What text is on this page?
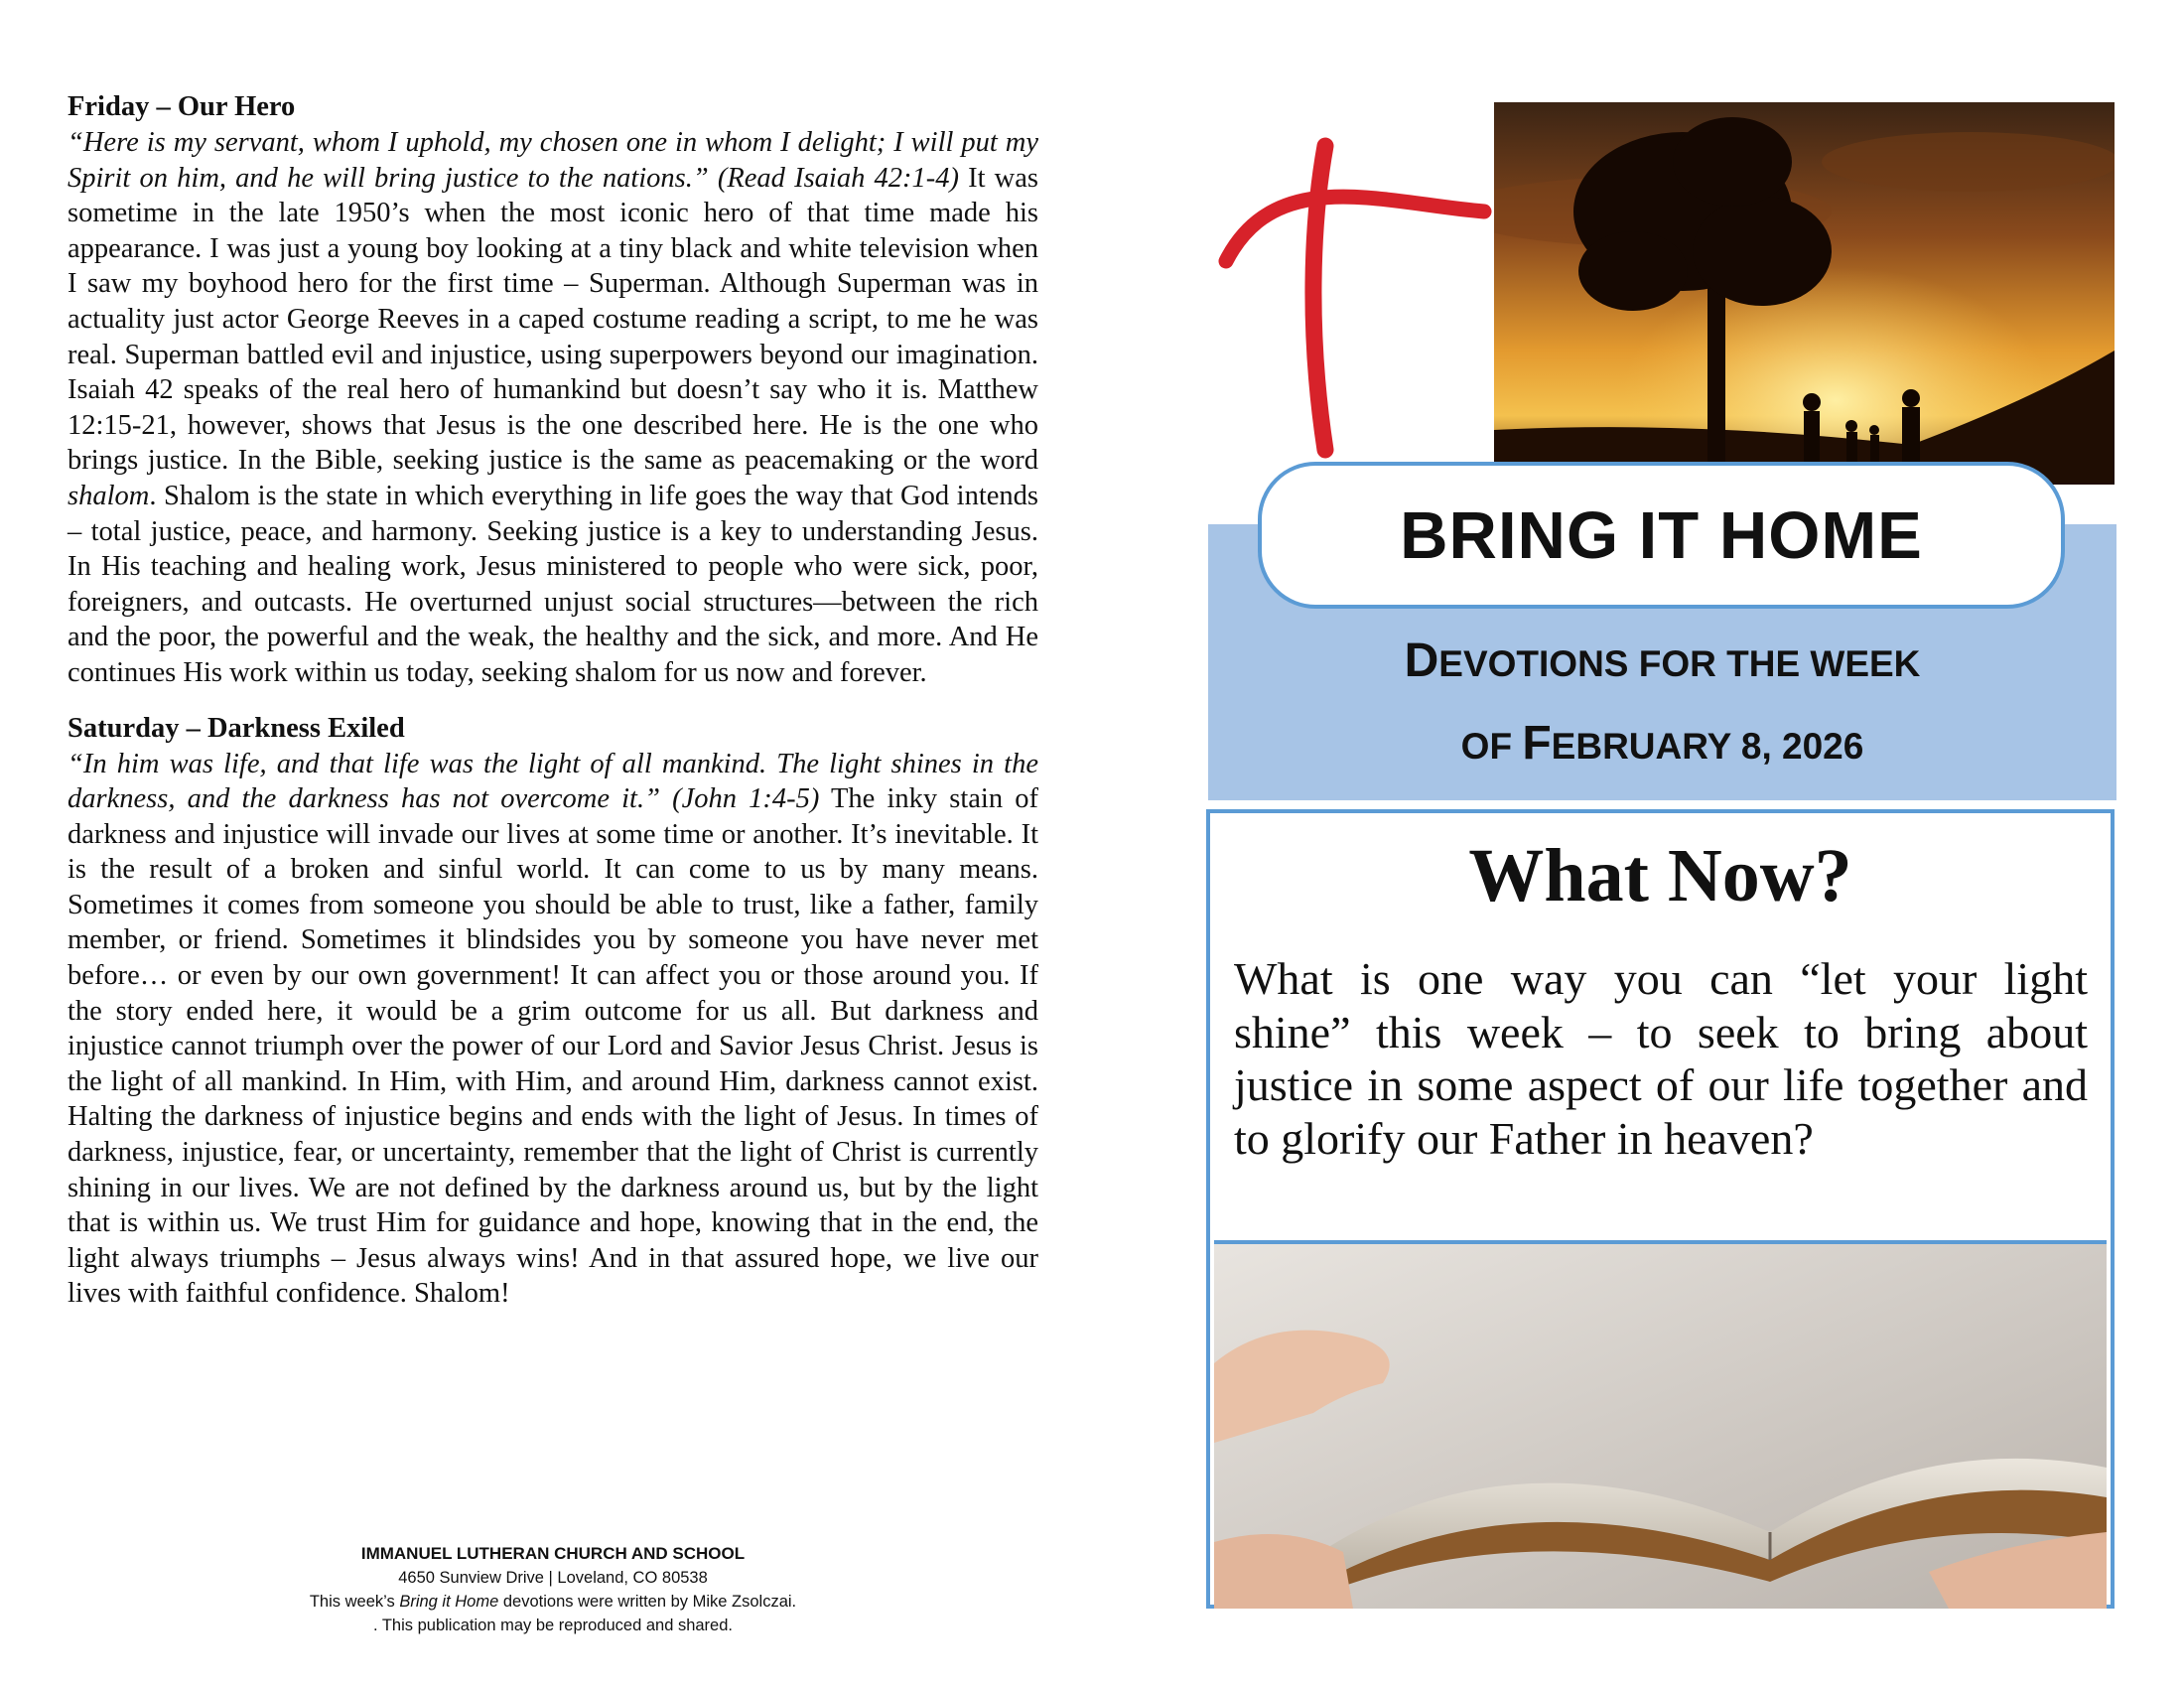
Friday – Our Hero

“Here is my servant, whom I uphold, my chosen one in whom I delight; I will put my Spirit on him, and he will bring justice to the nations.” (Read Isaiah 42:1-4) It was sometime in the late 1950’s when the most iconic hero of that time made his appearance. I was just a young boy looking at a tiny black and white television when I saw my boyhood hero for the first time – Superman. Although Superman was in actuality just actor George Reeves in a caped costume reading a script, to me he was real. Superman battled evil and injustice, using superpowers beyond our imagination. Isaiah 42 speaks of the real hero of humankind but doesn’t say who it is. Matthew 12:15-21, however, shows that Jesus is the one described here. He is the one who brings justice. In the Bible, seeking justice is the same as peacemaking or the word shalom. Shalom is the state in which everything in life goes the way that God intends – total justice, peace, and harmony. Seeking justice is a key to understanding Jesus. In His teaching and healing work, Jesus ministered to people who were sick, poor, foreigners, and outcasts. He overturned unjust social structures—between the rich and the poor, the powerful and the weak, the healthy and the sick, and more. And He continues His work within us today, seeking shalom for us now and forever.

Saturday – Darkness Exiled

“In him was life, and that life was the light of all mankind. The light shines in the darkness, and the darkness has not overcome it.” (John 1:4-5) The inky stain of darkness and injustice will invade our lives at some time or another. It’s inevitable. It is the result of a broken and sinful world. It can come to us by many means. Sometimes it comes from someone you should be able to trust, like a father, family member, or friend. Sometimes it blindsides you by someone you have never met before… or even by our own government! It can affect you or those around you. If the story ended here, it would be a grim outcome for us all. But darkness and injustice cannot triumph over the power of our Lord and Savior Jesus Christ. Jesus is the light of all mankind. In Him, with Him, and around Him, darkness cannot exist. Halting the darkness of injustice begins and ends with the light of Jesus. In times of darkness, injustice, fear, or uncertainty, remember that the light of Christ is currently shining in our lives. We are not defined by the darkness around us, but by the light that is within us. We trust Him for guidance and hope, knowing that in the end, the light always triumphs – Jesus always wins! And in that assured hope, we live our lives with faithful confidence. Shalom!

IMMANUEL LUTHERAN CHURCH AND SCHOOL
4650 Sunview Drive | Loveland, CO 80538
This week’s Bring it Home devotions were written by Mike Zsolczai.
. This publication may be reproduced and shared.
BRING IT HOME
DEVOTIONS FOR THE WEEK
OF FEBRUARY 8, 2026
What Now?

What is one way you can “let your light shine” this week – to seek to bring about justice in some aspect of our life together and to glorify our Father in heaven?
